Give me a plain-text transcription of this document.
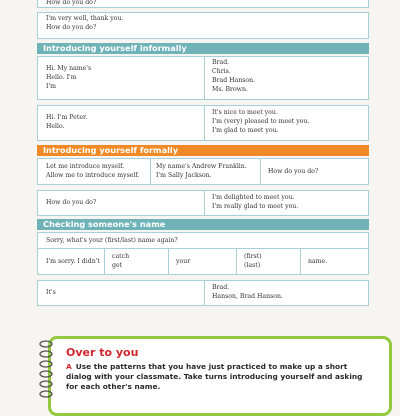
How do you do?
I'm very well, thank you.
How do you do?
Introducing yourself informally
Hi. My name's
Hello. I'm
I'm
Brad.
Chris.
Brad Hanson.
Ms. Brown.
Hi. I'm Peter.
Hello.
It's nice to meet you.
I'm (very) pleased to meet you.
I'm glad to meet you.
Introducing yourself formally
Let me introduce myself.
Allow me to introduce myself.
My name's Andrew Franklin.
I'm Sally Jackson.
How do you do?
How do you do?
I'm delighted to meet you.
I'm really glad to meet you.
Checking someone's name
Sorry, what's your (first/last) name again?
I'm sorry. I didn't
catch
get
your
(first)
(last)
name.
It's
Brad.
Hanson, Brad Hanson.
Over to you
A Use the patterns that you have just practiced to make up a short dialog with your classmate. Take turns introducing yourself and asking for each other's name.
